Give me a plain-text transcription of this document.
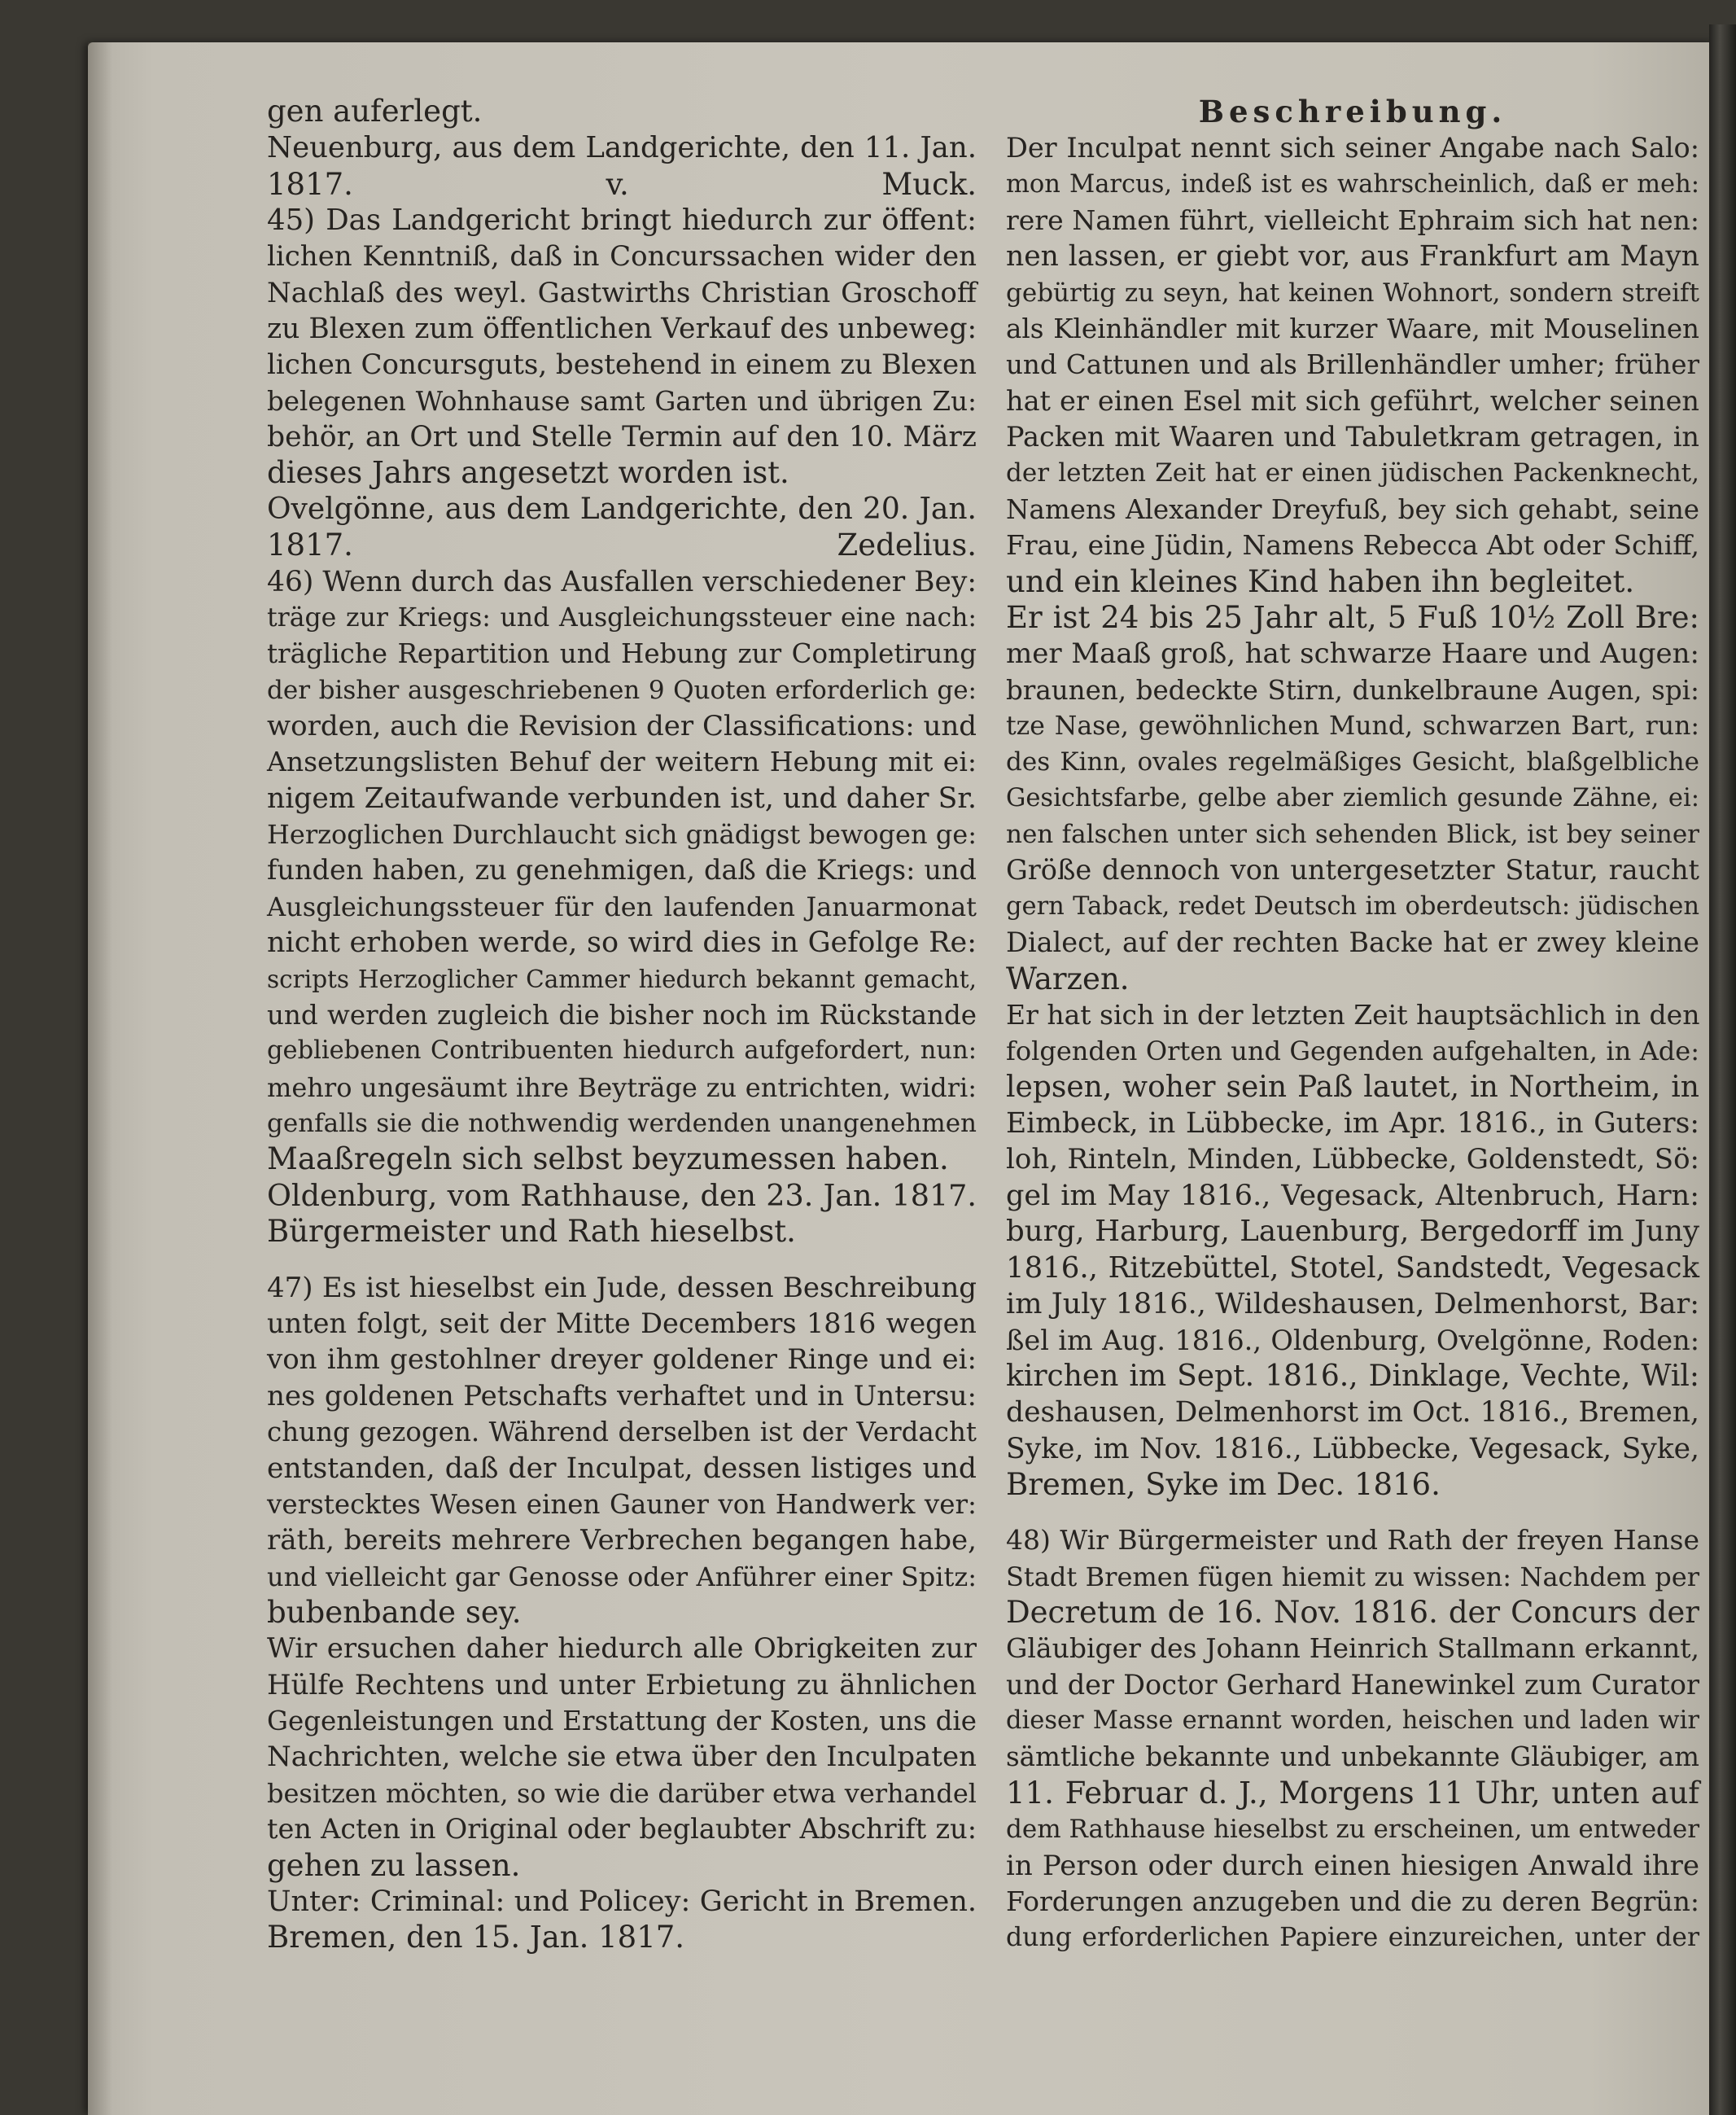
gen auferlegt.

Neuenburg, aus dem Landgerichte, den 11. Jan.

1817. v. Muck.

45) Das Landgericht bringt hiedurch zur öffent:

lichen Kenntniß, daß in Concurssachen wider den

Nachlaß des weyl. Gastwirths Christian Groschoff

zu Blexen zum öffentlichen Verkauf des unbeweg:

lichen Concursguts, bestehend in einem zu Blexen

belegenen Wohnhause samt Garten und übrigen Zu:

behör, an Ort und Stelle Termin auf den 10. März

dieses Jahrs angesetzt worden ist.

Ovelgönne, aus dem Landgerichte, den 20. Jan.

1817. Zedelius.

46) Wenn durch das Ausfallen verschiedener Bey:

träge zur Kriegs: und Ausgleichungssteuer eine nach:

trägliche Repartition und Hebung zur Completirung

der bisher ausgeschriebenen 9 Quoten erforderlich ge:

worden, auch die Revision der Classifications: und

Ansetzungslisten Behuf der weitern Hebung mit ei:

nigem Zeitaufwande verbunden ist, und daher Sr.

Herzoglichen Durchlaucht sich gnädigst bewogen ge:

funden haben, zu genehmigen, daß die Kriegs: und

Ausgleichungssteuer für den laufenden Januarmonat

nicht erhoben werde, so wird dies in Gefolge Re:

scripts Herzoglicher Cammer hiedurch bekannt gemacht,

und werden zugleich die bisher noch im Rückstande

gebliebenen Contribuenten hiedurch aufgefordert, nun:

mehro ungesäumt ihre Beyträge zu entrichten, widri:

genfalls sie die nothwendig werdenden unangenehmen

Maaßregeln sich selbst beyzumessen haben.

Oldenburg, vom Rathhause, den 23. Jan. 1817.

Bürgermeister und Rath hieselbst.

47) Es ist hieselbst ein Jude, dessen Beschreibung

unten folgt, seit der Mitte Decembers 1816 wegen

von ihm gestohlner dreyer goldener Ringe und ei:

nes goldenen Petschafts verhaftet und in Untersu:

chung gezogen. Während derselben ist der Verdacht

entstanden, daß der Inculpat, dessen listiges und

verstecktes Wesen einen Gauner von Handwerk ver:

räth, bereits mehrere Verbrechen begangen habe,

und vielleicht gar Genosse oder Anführer einer Spitz:

bubenbande sey.

Wir ersuchen daher hiedurch alle Obrigkeiten zur

Hülfe Rechtens und unter Erbietung zu ähnlichen

Gegenleistungen und Erstattung der Kosten, uns die

Nachrichten, welche sie etwa über den Inculpaten

besitzen möchten, so wie die darüber etwa verhandel

ten Acten in Original oder beglaubter Abschrift zu:

gehen zu lassen.

Unter: Criminal: und Policey: Gericht in Bremen.

Bremen, den 15. Jan. 1817.

Beschreibung.

Der Inculpat nennt sich seiner Angabe nach Salo:

mon Marcus, indeß ist es wahrscheinlich, daß er meh:

rere Namen führt, vielleicht Ephraim sich hat nen:

nen lassen, er giebt vor, aus Frankfurt am Mayn

gebürtig zu seyn, hat keinen Wohnort, sondern streift

als Kleinhändler mit kurzer Waare, mit Mouselinen

und Cattunen und als Brillenhändler umher; früher

hat er einen Esel mit sich geführt, welcher seinen

Packen mit Waaren und Tabuletkram getragen, in

der letzten Zeit hat er einen jüdischen Packenknecht,

Namens Alexander Dreyfuß, bey sich gehabt, seine

Frau, eine Jüdin, Namens Rebecca Abt oder Schiff,

und ein kleines Kind haben ihn begleitet.

Er ist 24 bis 25 Jahr alt, 5 Fuß 10½ Zoll Bre:

mer Maaß groß, hat schwarze Haare und Augen:

braunen, bedeckte Stirn, dunkelbraune Augen, spi:

tze Nase, gewöhnlichen Mund, schwarzen Bart, run:

des Kinn, ovales regelmäßiges Gesicht, blaßgelbliche

Gesichtsfarbe, gelbe aber ziemlich gesunde Zähne, ei:

nen falschen unter sich sehenden Blick, ist bey seiner

Größe dennoch von untergesetzter Statur, raucht

gern Taback, redet Deutsch im oberdeutsch: jüdischen

Dialect, auf der rechten Backe hat er zwey kleine

Warzen.

Er hat sich in der letzten Zeit hauptsächlich in den

folgenden Orten und Gegenden aufgehalten, in Ade:

lepsen, woher sein Paß lautet, in Northeim, in

Eimbeck, in Lübbecke, im Apr. 1816., in Guters:

loh, Rinteln, Minden, Lübbecke, Goldenstedt, Sö:

gel im May 1816., Vegesack, Altenbruch, Harn:

burg, Harburg, Lauenburg, Bergedorff im Juny

1816., Ritzebüttel, Stotel, Sandstedt, Vegesack

im July 1816., Wildeshausen, Delmenhorst, Bar:

ßel im Aug. 1816., Oldenburg, Ovelgönne, Roden:

kirchen im Sept. 1816., Dinklage, Vechte, Wil:

deshausen, Delmenhorst im Oct. 1816., Bremen,

Syke, im Nov. 1816., Lübbecke, Vegesack, Syke,

Bremen, Syke im Dec. 1816.

48) Wir Bürgermeister und Rath der freyen Hanse

Stadt Bremen fügen hiemit zu wissen: Nachdem per

Decretum de 16. Nov. 1816. der Concurs der

Gläubiger des Johann Heinrich Stallmann erkannt,

und der Doctor Gerhard Hanewinkel zum Curator

dieser Masse ernannt worden, heischen und laden wir

sämtliche bekannte und unbekannte Gläubiger, am

11. Februar d. J., Morgens 11 Uhr, unten auf

dem Rathhause hieselbst zu erscheinen, um entweder

in Person oder durch einen hiesigen Anwald ihre

Forderungen anzugeben und die zu deren Begrün:

dung erforderlichen Papiere einzureichen, unter der
